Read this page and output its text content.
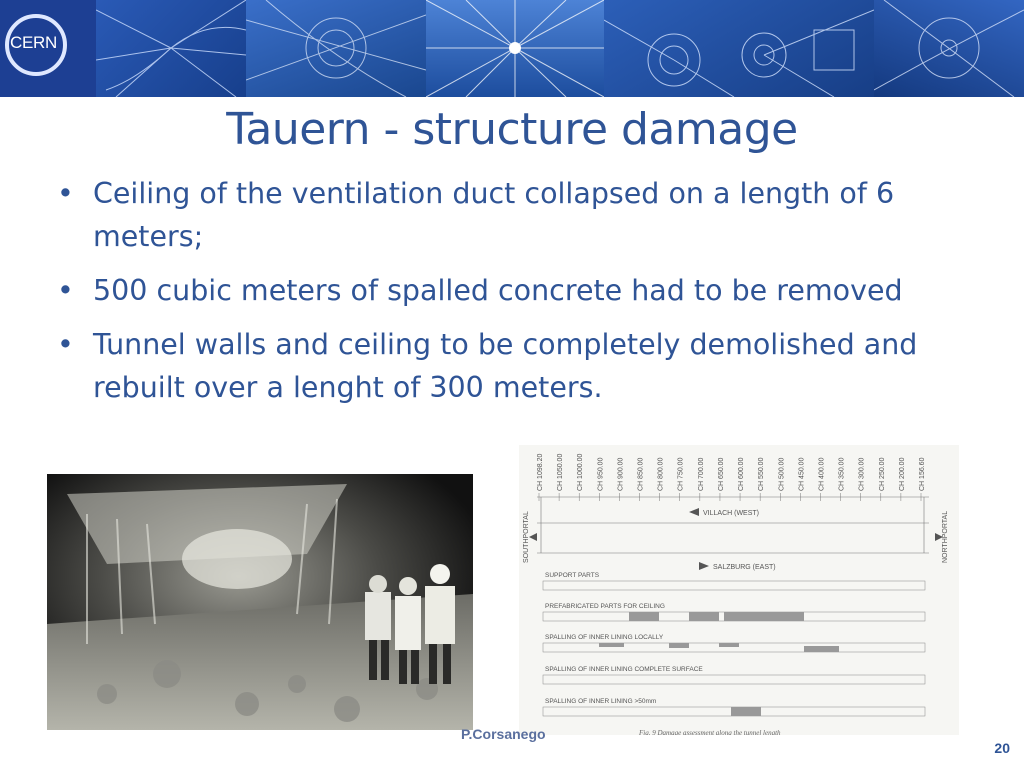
CERN
Tauern - structure damage
• Ceiling of the ventilation duct collapsed on a length of 6 meters;
• 500 cubic meters of spalled concrete had to be removed
• Tunnel walls and ceiling to be completely demolished and rebuilt over a lenght of 300 meters.
CH 1098.20 CH 1050.00 CH 1000.00 CH 950.00 CH 900.00 CH 850.00 CH 800.00 CH 750.00 CH 700.00 CH 650.00 CH 600.00 CH 550.00 CH 500.00 CH 450.00 CH 400.00 CH 350.00 CH 300.00 CH 250.00 CH 200.00 CH 156.60
SOUTHPORTAL	NORTHPORTAL
VILLACH (WEST)
SALZBURG (EAST)
SUPPORT PARTS
PREFABRICATED PARTS FOR CEILING
SPALLING OF INNER LINING LOCALLY
SPALLING OF INNER LINING COMPLETE SURFACE
SPALLING OF INNER LINING >50mm
Fig. 9 Damage assessment along the tunnel length
P.Corsanego
20
